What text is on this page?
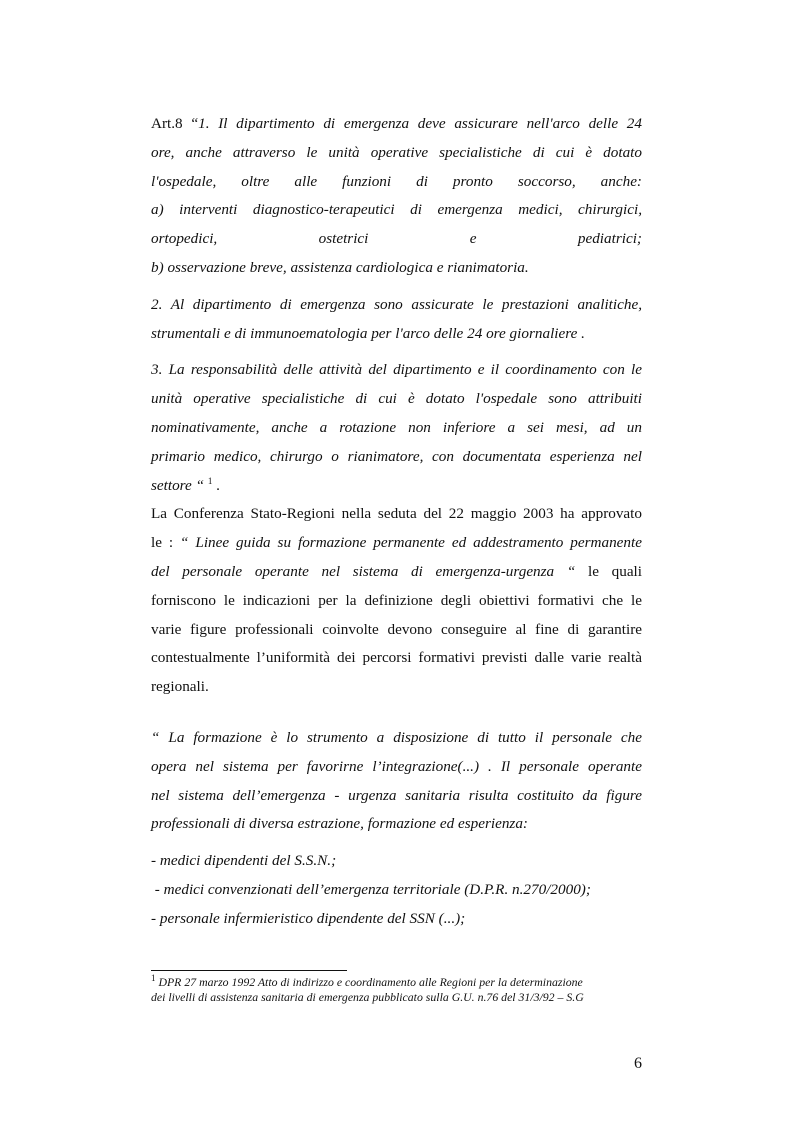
Art.8 “1. Il dipartimento di emergenza deve assicurare nell'arco delle 24
ore, anche attraverso le unità operative specialistiche di cui è dotato
l'ospedale, oltre alle funzioni di pronto soccorso, anche:
a) interventi diagnostico-terapeutici di emergenza medici, chirurgici,
ortopedici, ostetrici e pediatrici;
b) osservazione breve, assistenza cardiologica e rianimatoria.
2. Al dipartimento di emergenza sono assicurate le prestazioni analitiche,
strumentali e di immunoematologia per l'arco delle 24 ore giornaliere .
3. La responsabilità delle attività del dipartimento e il coordinamento con le
unità operative specialistiche di cui è dotato l'ospedale sono attribuiti
nominativamente, anche a rotazione non inferiore a sei mesi, ad un
primario medico, chirurgo o rianimatore, con documentata esperienza nel
settore “ $^1$ .
La Conferenza Stato-Regioni nella seduta del 22 maggio 2003 ha approvato
le : “ Linee guida su formazione permanente ed addestramento permanente
del personale operante nel sistema di emergenza-urgenza “ le quali
forniscono le indicazioni per la definizione degli obiettivi formativi che le
varie figure professionali coinvolte devono conseguire al fine di garantire
contestualmente l’uniformità dei percorsi formativi previsti dalle varie realtà
regionali.
“ La formazione è lo strumento a disposizione di tutto il personale che
opera nel sistema per favorirne l’integrazione(...) . Il personale operante
nel sistema dell’emergenza - urgenza sanitaria risulta costituito da figure
professionali di diversa estrazione, formazione ed esperienza:
- medici dipendenti del S.S.N.;
- medici convenzionati dell’emergenza territoriale (D.P.R. n.270/2000);
- personale infermieristico dipendente del SSN (...);
$^1$ DPR 27 marzo 1992 Atto di indirizzo e coordinamento alle Regioni per la determinazione
dei livelli di assistenza sanitaria di emergenza pubblicato sulla G.U. n.76 del 31/3/92 – S.G
6
